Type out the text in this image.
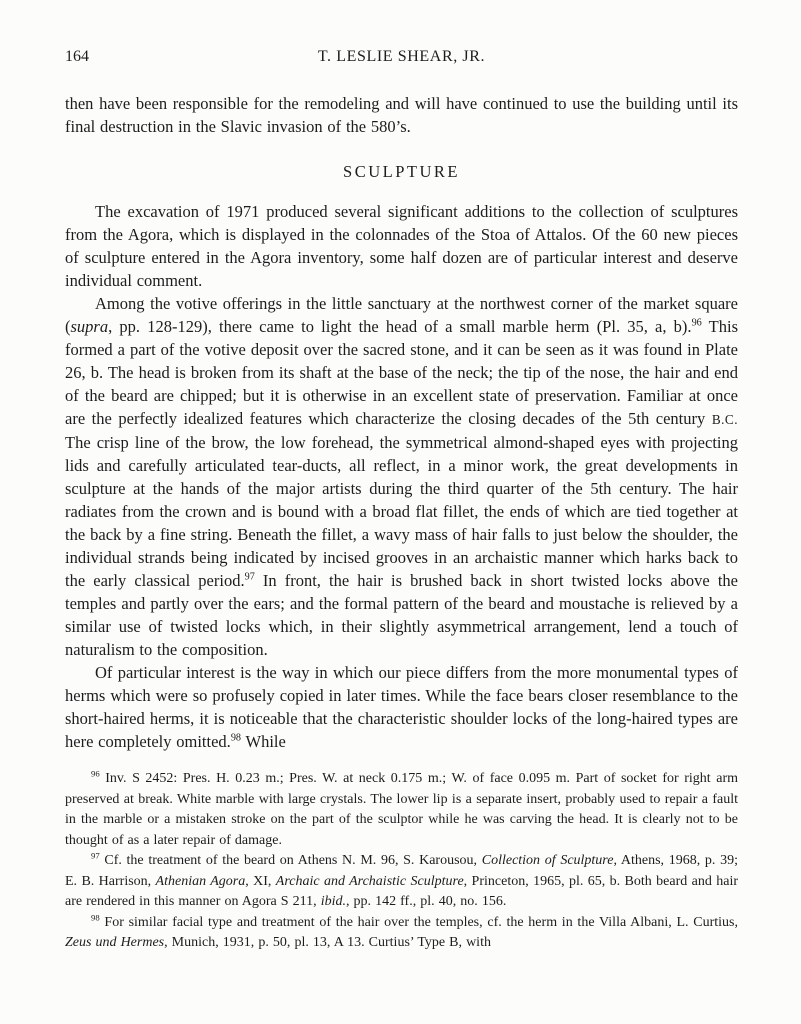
164	T. LESLIE SHEAR, JR.

then have been responsible for the remodeling and will have continued to use the building until its final destruction in the Slavic invasion of the 580’s.

SCULPTURE

The excavation of 1971 produced several significant additions to the collection of sculptures from the Agora, which is displayed in the colonnades of the Stoa of Attalos. Of the 60 new pieces of sculpture entered in the Agora inventory, some half dozen are of particular interest and deserve individual comment.

Among the votive offerings in the little sanctuary at the northwest corner of the market square (supra, pp. 128-129), there came to light the head of a small marble herm (Pl. 35, a, b).$^{96}$ This formed a part of the votive deposit over the sacred stone, and it can be seen as it was found in Plate 26, b. The head is broken from its shaft at the base of the neck; the tip of the nose, the hair and end of the beard are chipped; but it is otherwise in an excellent state of preservation. Familiar at once are the perfectly idealized features which characterize the closing decades of the 5th century B.C. The crisp line of the brow, the low forehead, the symmetrical almond-shaped eyes with projecting lids and carefully articulated tear-ducts, all reflect, in a minor work, the great developments in sculpture at the hands of the major artists during the third quarter of the 5th century. The hair radiates from the crown and is bound with a broad flat fillet, the ends of which are tied together at the back by a fine string. Beneath the fillet, a wavy mass of hair falls to just below the shoulder, the individual strands being indicated by incised grooves in an archaistic manner which harks back to the early classical period.$^{97}$ In front, the hair is brushed back in short twisted locks above the temples and partly over the ears; and the formal pattern of the beard and moustache is relieved by a similar use of twisted locks which, in their slightly asymmetrical arrangement, lend a touch of naturalism to the composition.

Of particular interest is the way in which our piece differs from the more monumental types of herms which were so profusely copied in later times. While the face bears closer resemblance to the short-haired herms, it is noticeable that the characteristic shoulder locks of the long-haired types are here completely omitted.$^{98}$ While

$^{96}$ Inv. S 2452: Pres. H. 0.23 m.; Pres. W. at neck 0.175 m.; W. of face 0.095 m. Part of socket for right arm preserved at break. White marble with large crystals. The lower lip is a separate insert, probably used to repair a fault in the marble or a mistaken stroke on the part of the sculptor while he was carving the head. It is clearly not to be thought of as a later repair of damage.

$^{97}$ Cf. the treatment of the beard on Athens N. M. 96, S. Karousou, Collection of Sculpture, Athens, 1968, p. 39; E. B. Harrison, Athenian Agora, XI, Archaic and Archaistic Sculpture, Princeton, 1965, pl. 65, b. Both beard and hair are rendered in this manner on Agora S 211, ibid., pp. 142 ff., pl. 40, no. 156.

$^{98}$ For similar facial type and treatment of the hair over the temples, cf. the herm in the Villa Albani, L. Curtius, Zeus und Hermes, Munich, 1931, p. 50, pl. 13, A 13. Curtius’ Type B, with
